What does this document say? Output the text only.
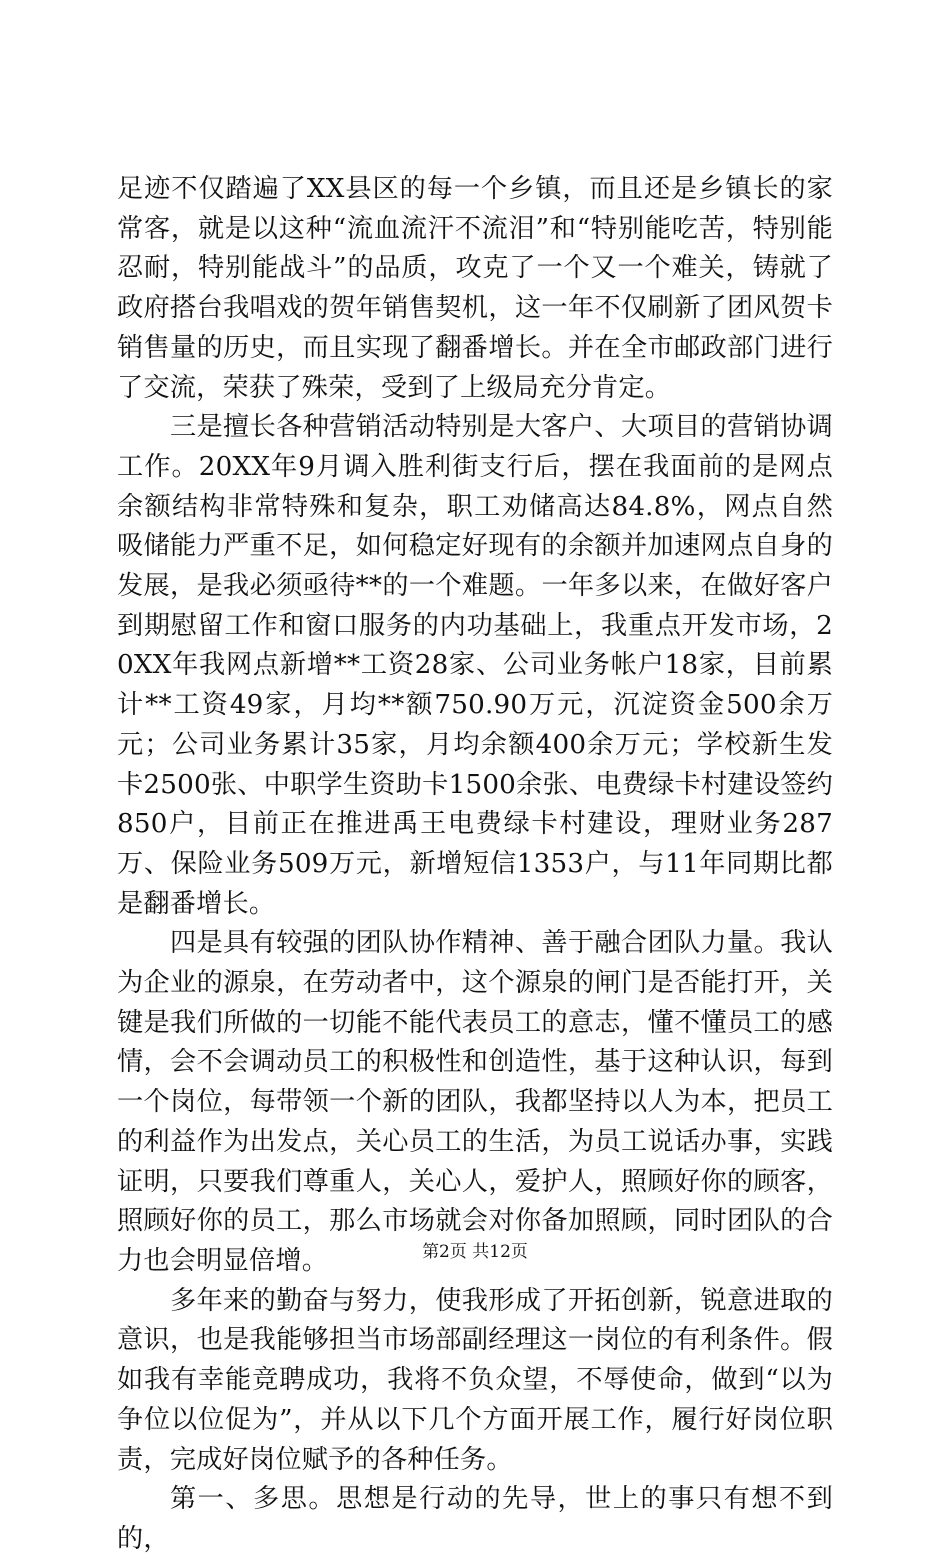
足迹不仅踏遍了XX县区的每一个乡镇，而且还是乡镇长的家常客，就是以这种“流血流汗不流泪”和“特别能吃苦，特别能忍耐，特别能战斗”的品质，攻克了一个又一个难关，铸就了政府搭台我唱戏的贺年销售契机，这一年不仅刷新了团风贺卡销售量的历史，而且实现了翻番增长。并在全市邮政部门进行了交流，荣获了殊荣，受到了上级局充分肯定。

三是擅长各种营销活动特别是大客户、大项目的营销协调工作。20XX年9月调入胜利街支行后，摆在我面前的是网点余额结构非常特殊和复杂，职工劝储高达84.8%，网点自然吸储能力严重不足，如何稳定好现有的余额并加速网点自身的发展，是我必须亟待**的一个难题。一年多以来，在做好客户到期慰留工作和窗口服务的内功基础上，我重点开发市场，20XX年我网点新增**工资28家、公司业务帐户18家，目前累计**工资49家，月均**额750.90万元，沉淀资金500余万元；公司业务累计35家，月均余额400余万元；学校新生发卡2500张、中职学生资助卡1500余张、电费绿卡村建设签约850户，目前正在推进禹王电费绿卡村建设，理财业务287万、保险业务509万元，新增短信1353户，与11年同期比都是翻番增长。

四是具有较强的团队协作精神、善于融合团队力量。我认为企业的源泉，在劳动者中，这个源泉的闸门是否能打开，关键是我们所做的一切能不能代表员工的意志，懂不懂员工的感情，会不会调动员工的积极性和创造性，基于这种认识，每到一个岗位，每带领一个新的团队，我都坚持以人为本，把员工的利益作为出发点，关心员工的生活，为员工说话办事，实践证明，只要我们尊重人，关心人，爱护人，照顾好你的顾客，照顾好你的员工，那么市场就会对你备加照顾，同时团队的合力也会明显倍增。

多年来的勤奋与努力，使我形成了开拓创新，锐意进取的意识，也是我能够担当市场部副经理这一岗位的有利条件。假如我有幸能竞聘成功，我将不负众望，不辱使命，做到“以为争位以位促为”，并从以下几个方面开展工作，履行好岗位职责，完成好岗位赋予的各种任务。

第一、多思。思想是行动的先导，世上的事只有想不到的，

第2页 共12页
